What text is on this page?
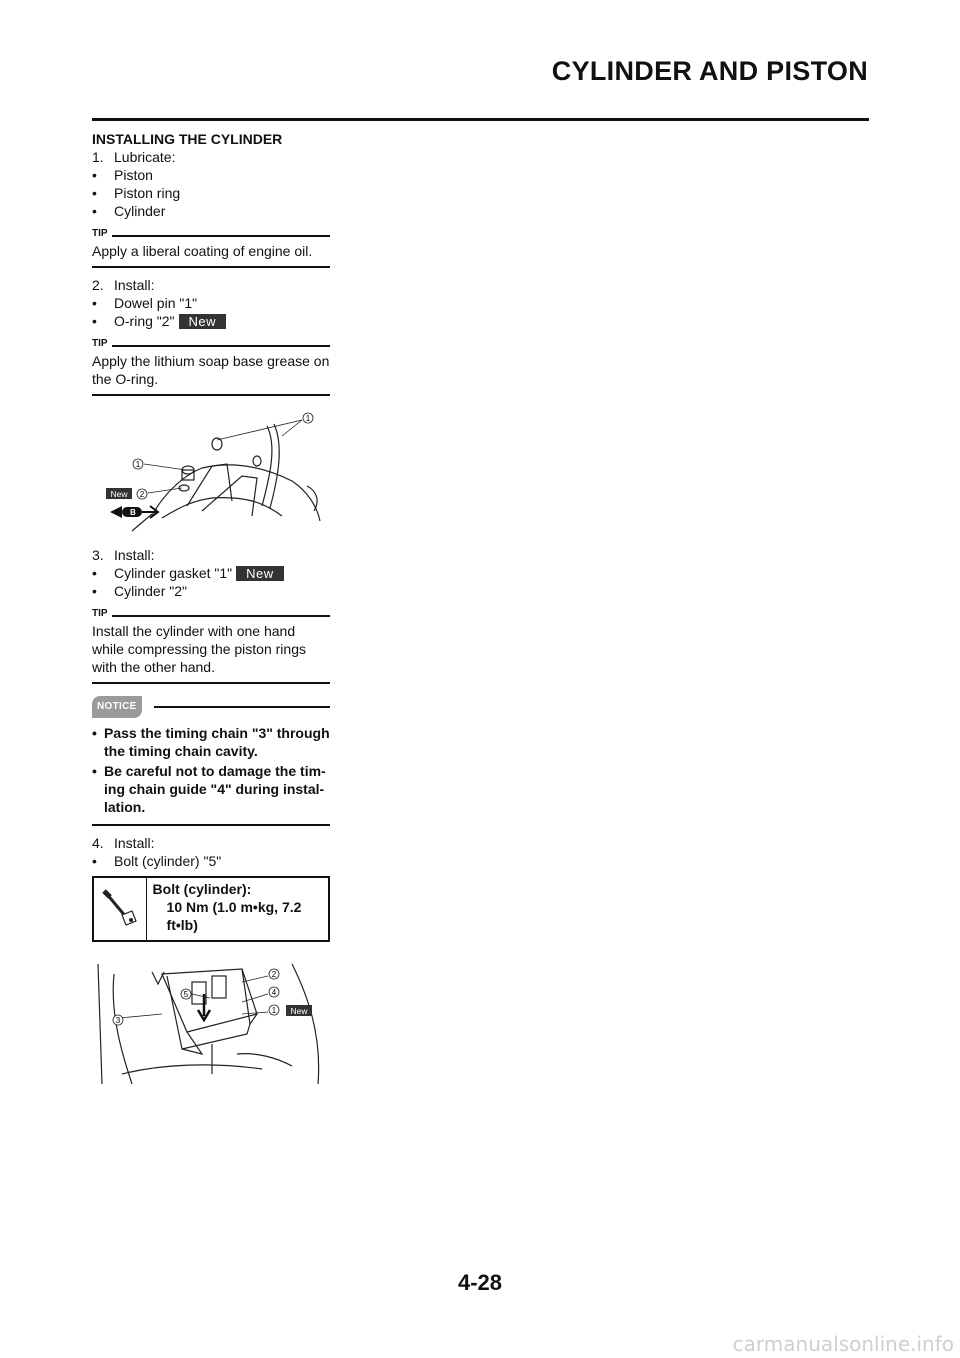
CYLINDER AND PISTON
INSTALLING THE CYLINDER
1. Lubricate:
• Piston
• Piston ring
• Cylinder
TIP
Apply a liberal coating of engine oil.
2. Install:
• Dowel pin "1"
• O-ring "2" New
TIP
Apply the lithium soap base grease on the O-ring.
1
1
2
New
B
3. Install:
• Cylinder gasket "1" New
• Cylinder "2"
TIP
Install the cylinder with one hand while compressing the piston rings with the other hand.
NOTICE
• Pass the timing chain "3" through the timing chain cavity.
• Be careful not to damage the tim-ing chain guide "4" during instal-lation.
4. Install:
• Bolt (cylinder) "5"
Bolt (cylinder):
10 Nm (1.0 m•kg, 7.2 ft•lb)
2
4
1 New
3
5
4-28
carmanualsonline.info
